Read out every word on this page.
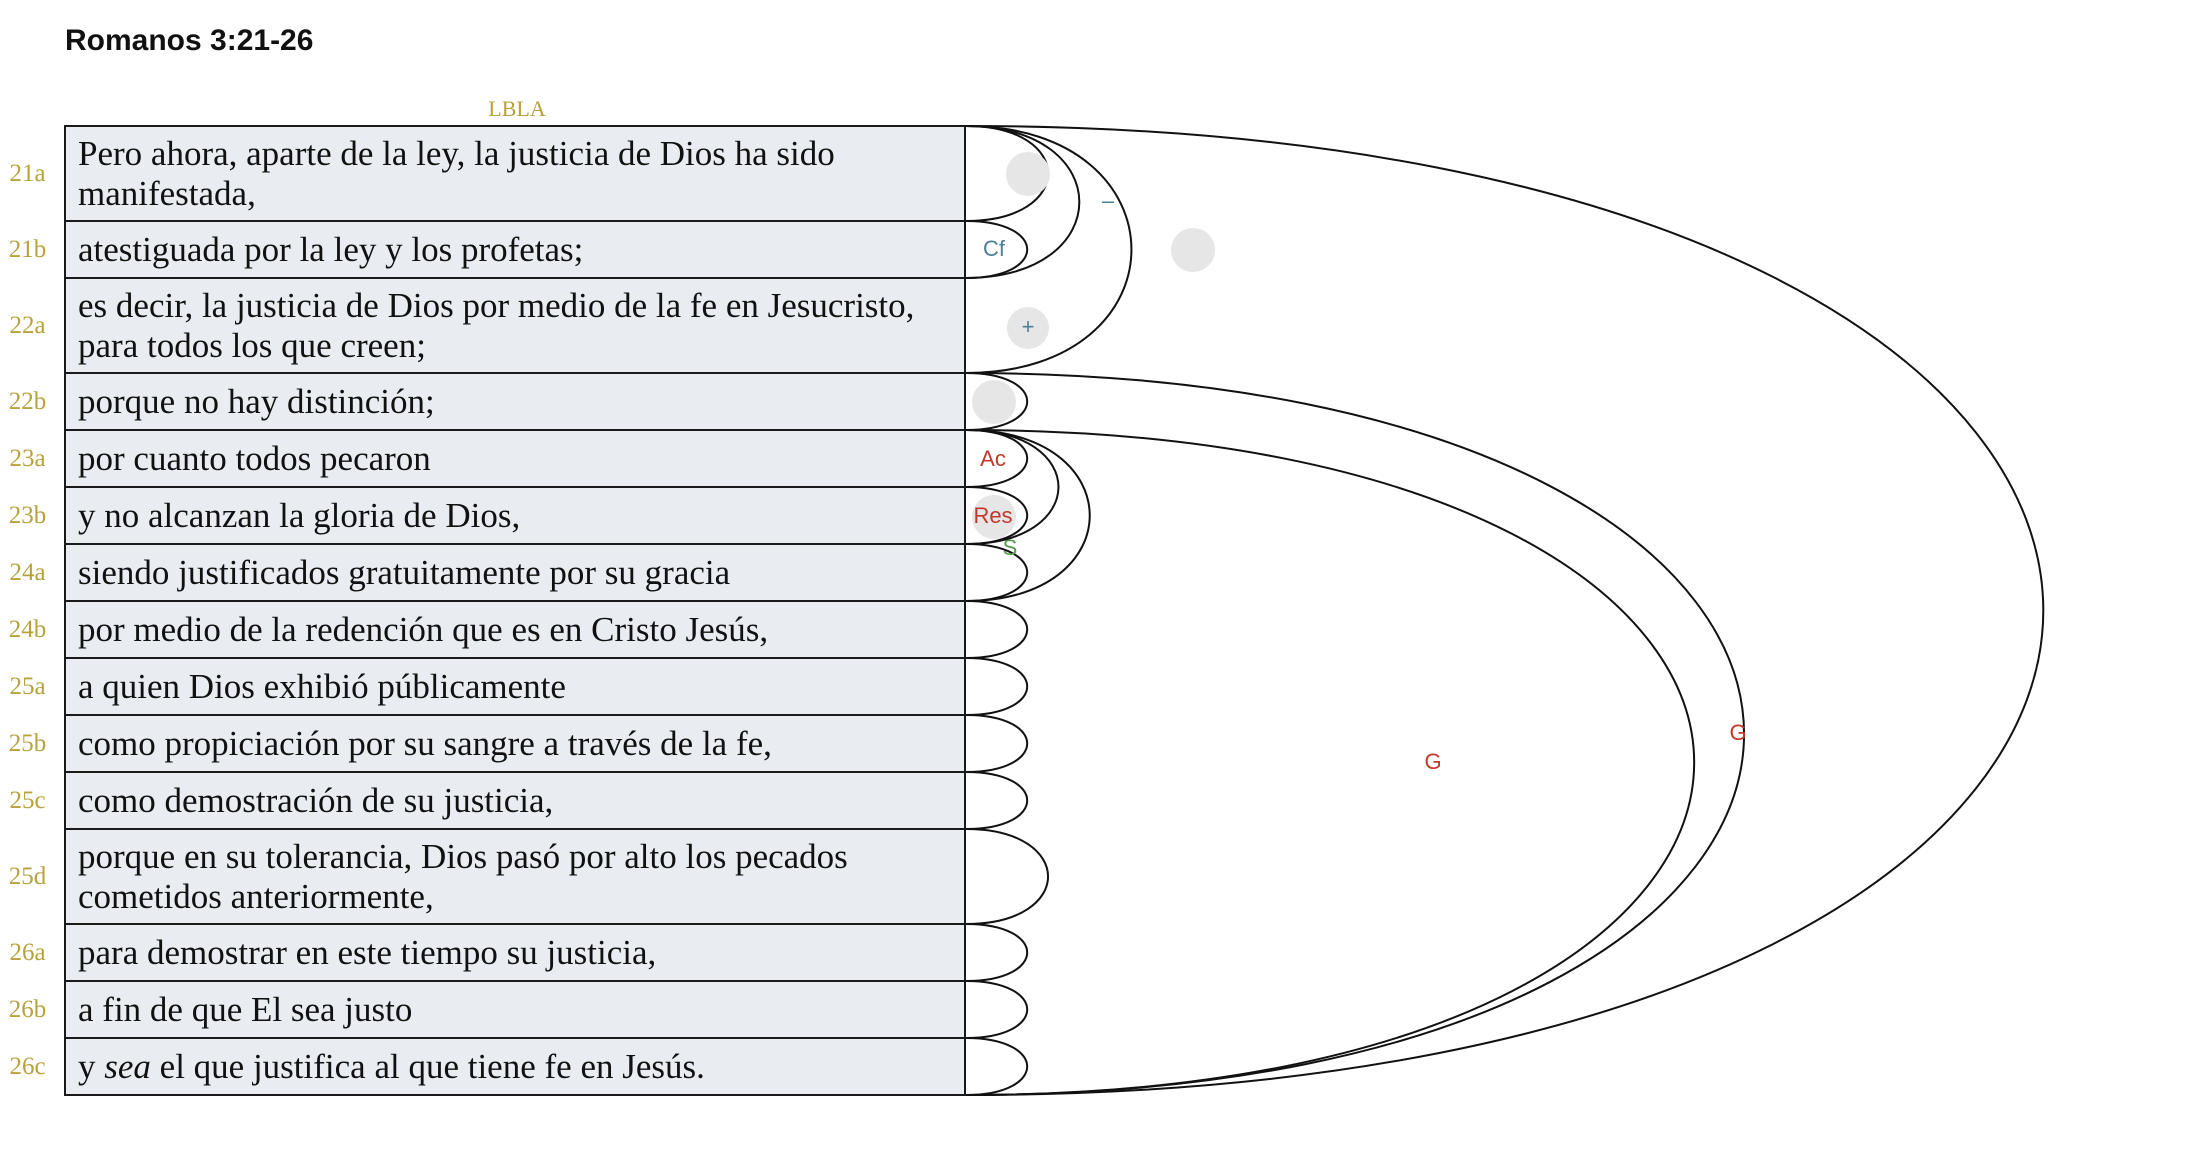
Romanos 3:21-26
LBLA
21a

Pero ahora, aparte de la ley, la justicia de Dios ha sido manifestada,

21b atestiguada por la ley y los profetas;

22a

es decir, la justicia de Dios por medio de la fe en Jesucristo, para todos los que creen;

22b porque no hay distinción;

23a por cuanto todos pecaron

23b y no alcanzan la gloria de Dios,

24a siendo justificados gratuitamente por su gracia

24b por medio de la redención que es en Cristo Jesús,

25a a quien Dios exhibió públicamente

25b como propiciación por su sangre a través de la fe,

25c como demostración de su justicia,

25d

porque en su tolerancia, Dios pasó por alto los pecados cometidos anteriormente,

26a para demostrar en este tiempo su justicia,

26b a fin de que El sea justo

26c y sea el que justifica al que tiene fe en Jesús.

Cf
–
+
Ac
Res
S
G
G
